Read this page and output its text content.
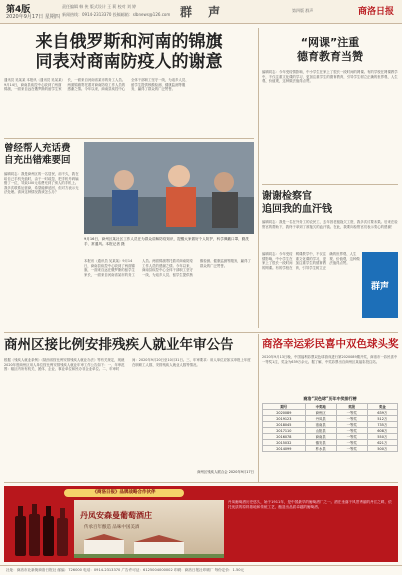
第4版
2020年9月17日 星期四
责任编辑 韩 侠 版式设计 王 莉 校对 刘 婷
新闻热线：0914-2313370 投稿邮箱：slbnews@126.com 群 声	第四版 群声	商洛日报
来自俄罗斯和河南的锦旗
同表对商南防疫人的谢意
通讯员 吴某某 本报讯（通讯员 吴某某）9月14日，商南县疾控中心收到了两面锦旗，一面来自远在俄罗斯的留学生家长，一面来自河南省某市的务工人员。两面锦旗寄托着对商南防疫工作人员的感谢之情。今年以来，商南县疾控中心全体干部职工坚守一线，为返乡人员、留学生提供核酸检测、健康监测等服务，赢得了群众的广泛赞誉。
曾经帮人充话费
自充出错难要回
编辑同志：我是商州区的一名居民，前不久，我在给自己手机充值时，由于一时疏忽，把手机号码输错了一位，导致100元话费充到了别人的手机上。我多次联系运营商，希望能够追回，但对方表示无法处理。请问这种情况我该怎么办？
9月16日，商州区某社区工作人员在为群众讲解防疫知识，提醒大家做好个人防护，科学佩戴口罩，勤洗手、常通风。本报记者 摄
本报讯（通讯员 吴某某）9月14日，商南县疾控中心收到了两面锦旗，一面来自远在俄罗斯的留学生家长，一面来自河南省某市的务工人员。两面锦旗寄托着对商南防疫工作人员的感谢之情。今年以来，商南县疾控中心全体干部职工坚守一线，为返乡人员、留学生提供核酸检测、健康监测等服务，赢得了群众的广泛赞誉。
“网课”注重
德育教育当赞
编辑同志：今年受疫情影响，中小学生在家上了很长一段时间的网课。有的学校在网课教学中，不仅注重文化课的学习，更加注重学生的德育教育，引导学生树立正确的世界观、人生观、价值观，这种做法值得点赞。
谢谢检察官
追回我的血汗钱
编辑同志：我是一名在外务工的农民工，去年因老板拖欠工资，我多次讨要未果。后来在检察官的帮助下，我终于拿到了被拖欠的血汗钱。在此，我要向检察官们表示衷心的感谢！
编辑同志：今年受疫情影响，中小学生在家上了很长一段时间的网课。有的学校在网课教学中，不仅注重文化课的学习，更加注重学生的德育教育，引导学生树立正确的世界观、人生观、价值观，这种做法值得点赞。
群声
商州区接比例安排残疾人就业年审公告
根据《残疾人就业条例》《陕西省按比例安排残疾人就业办法》等有关规定，现就2020年度商州区用人单位按比例安排残疾人就业年审工作公告如下：一、年审范围：辖区内所有机关、团体、企业、事业单位和民办非企业单位。二、年审时间：2020年9月20日至10月31日。三、年审要求：用人单位应如实申报上年度在职职工人数、安排残疾人就业人数等情况。
商州区残疾人联合会 2020年9月17日
商洛幸运彩民喜中双色球头奖
2020年9月13日晚，中国福利彩票双色球游戏进行第2020089期开奖，商洛市一彩民喜中一等奖1注，奖金为639万余元。据了解，中奖彩票出自商州区某福彩投注站。
商洛“双色球”历年中奖排行榜
期号	中奖地	奖级	奖金
2020089	商州区	一等奖	639万
2019123	丹凤县	一等奖	512万
2018045	洛南县	一等奖	735万
2017110	山阳县	一等奖	608万
2016078	商南县	一等奖	550万
2015032	镇安县	一等奖	621万
2014099	柞水县	一等奖	500万
《商洛日报》品牌战略合作伙伴
丹凤安森曼葡萄酒庄
传承百年酿造 品味中国美酒
丹凤葡萄酒历史悠久，始于1911年，是中国最早的葡萄酒厂之一。酒庄坐落于风景秀丽的丹江之畔，依托优质的原料基地和传统工艺，酿造出品质卓越的葡萄酒。
社址：商洛市北新街商洛日报社 邮编：726000 电话：0914-2313370 广告许可证：6125004000002 印刷：商洛日报社印刷厂 每份定价：1.50元
